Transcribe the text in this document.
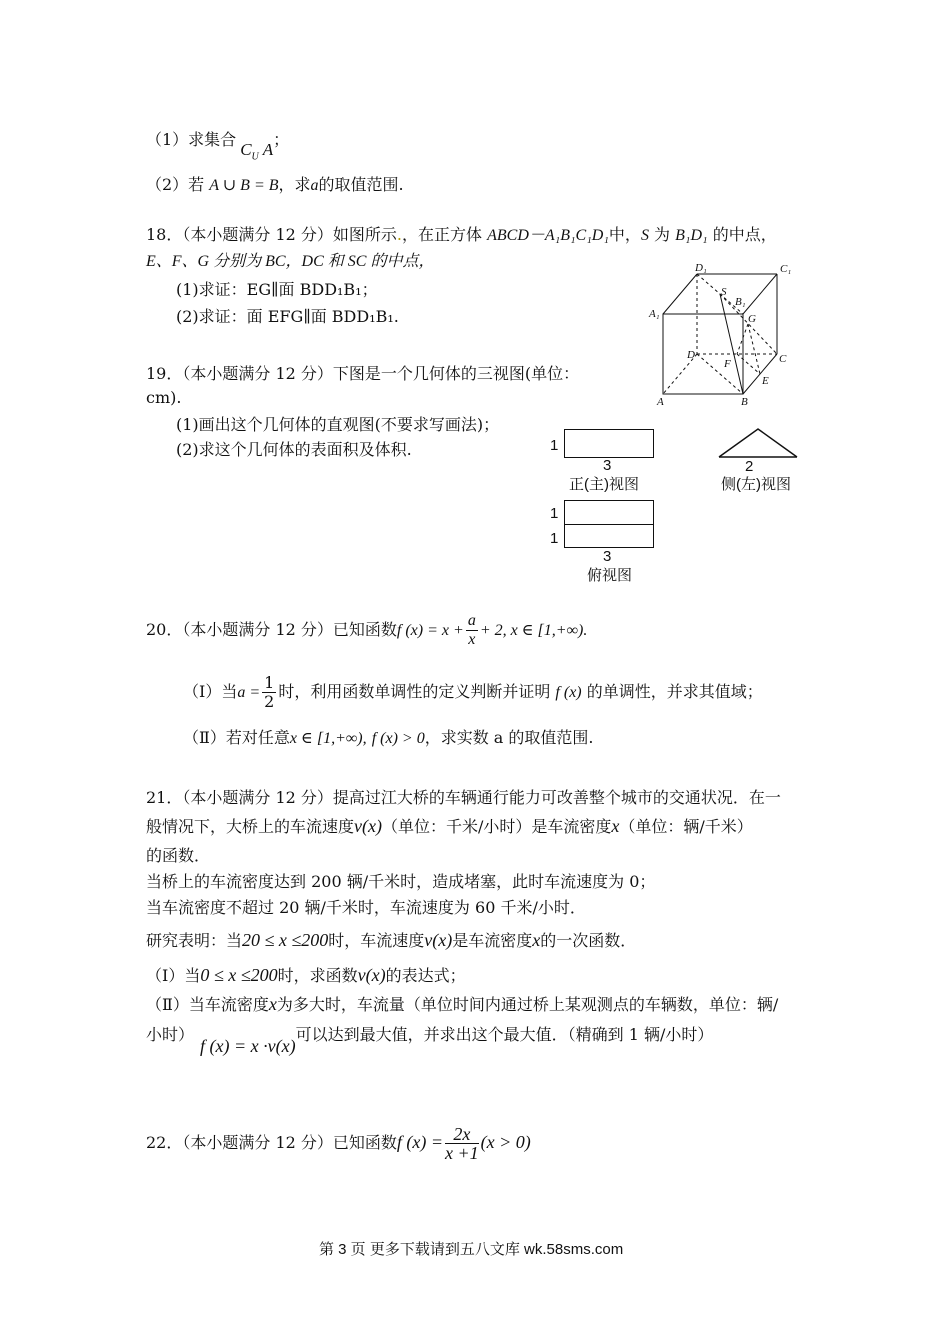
（1）求集合$C_U$ A；
（2）若 A ∪ B = B，求a的取值范围.
18．（本小题满分 12 分）如图所示.，在正方体 ABCD－A₁B₁C₁D₁中，S 为 B₁D₁ 的中点，
E、F、G 分别为 BC，DC 和 SC 的中点，
(1)求证：EG∥面 BDD₁B₁；
(2)求证：面 EFG∥面 BDD₁B₁.
D₁	C₁
A₁
B₁
S
G
D	C
F
E
A	B
19．（本小题满分 12 分）下图是一个几何体的三视图(单位：
cm).
(1)画出这个几何体的直观图(不要求写画法)；
(2)求这个几何体的表面积及体积.	1
3
正(主)视图
2
侧(左)视图
1
1
3
俯视图
20．（本小题满分 12 分）已知函数f $(x) = x + \frac{a}{x} + 2$, x ∈ [1,+∞).
（Ⅰ）当$a = \frac{1}{2}$ 时，利用函数单调性的定义判断并证明 f (x) 的单调性，并求其值域；
（Ⅱ）若对任意x ∈ [1,+∞), f (x) > 0，求实数 a 的取值范围.
21．（本小题满分 12 分）提高过江大桥的车辆通行能力可改善整个城市的交通状况．在一
般情况下，大桥上的车流速度v(x)（单位：千米/小时）是车流密度x（单位：辆/千米）
的函数．
当桥上的车流密度达到 200 辆/千米时，造成堵塞，此时车流速度为 0；
当车流密度不超过 20 辆/千米时，车流速度为 60 千米/小时．
研究表明：当20 ≤ x ≤200时，车流速度v(x)是车流密度x的一次函数．
（Ⅰ）当0 ≤ x ≤200时，求函数v(x)的表达式；
（Ⅱ）当车流密度x为多大时，车流量（单位时间内通过桥上某观测点的车辆数，单位：辆/
小时）f (x) = x ·v(x)可以达到最大值，并求出这个最大值．（精确到 1 辆/小时）
22．（本小题满分 12 分）已知函数f $(x) = \frac{2x}{x +1} (x > 0)$
第 3 页 更多下载请到五八文库 wk.58sms.com
